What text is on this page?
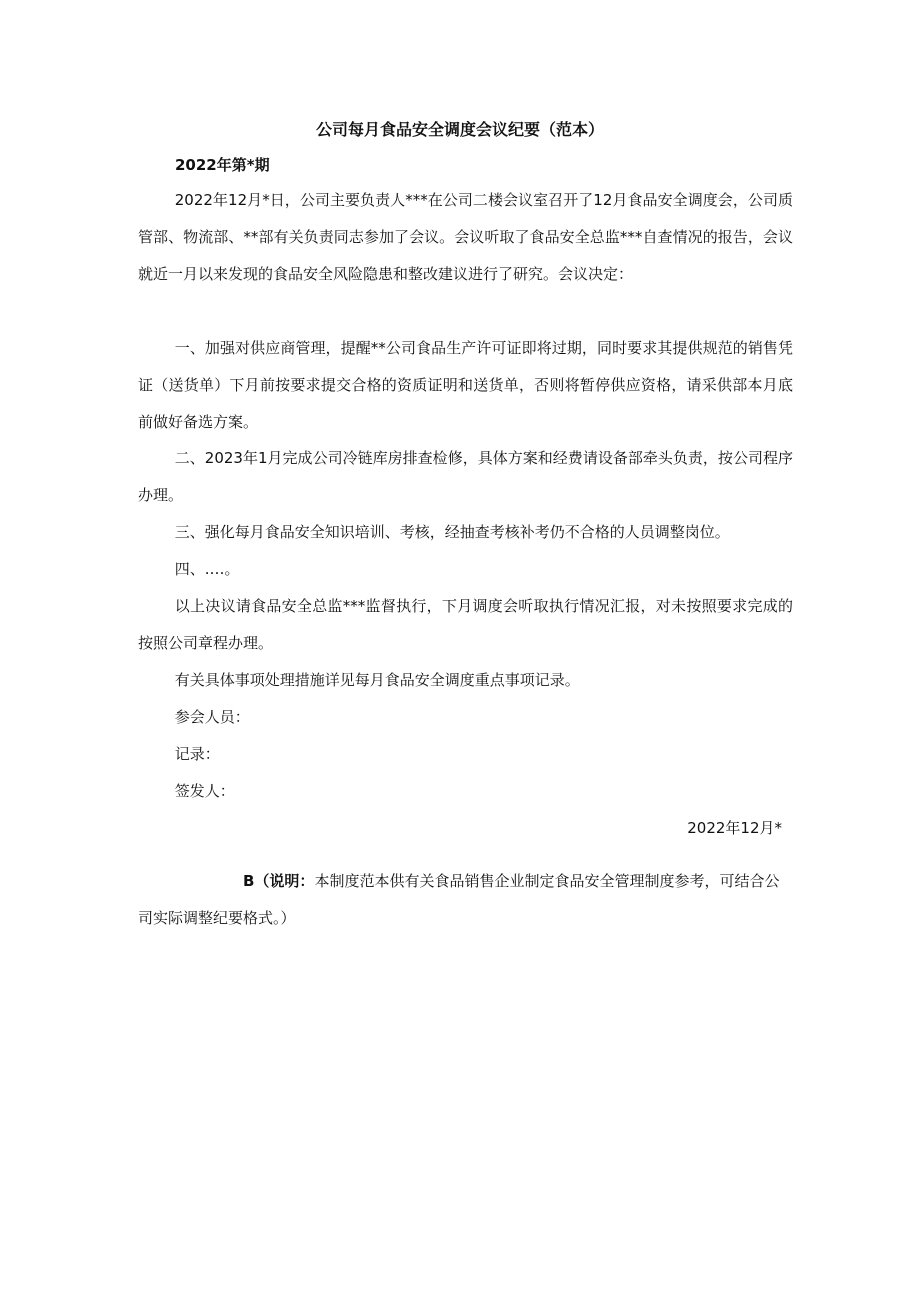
公司每月食品安全调度会议纪要（范本）
2022年第*期
2022年12月*日，公司主要负责人***在公司二楼会议室召开了12月食品安全调度会，公司质管部、物流部、**部有关负责同志参加了会议。会议听取了食品安全总监***自查情况的报告，会议就近一月以来发现的食品安全风险隐患和整改建议进行了研究。会议决定：
一、加强对供应商管理，提醒**公司食品生产许可证即将过期，同时要求其提供规范的销售凭证（送货单）下月前按要求提交合格的资质证明和送货单，否则将暂停供应资格，请采供部本月底前做好备选方案。
二、2023年1月完成公司冷链库房排查检修，具体方案和经费请设备部牵头负责，按公司程序办理。
三、强化每月食品安全知识培训、考核，经抽查考核补考仍不合格的人员调整岗位。
四、.…。
以上决议请食品安全总监***监督执行，下月调度会听取执行情况汇报，对未按照要求完成的按照公司章程办理。
有关具体事项处理措施详见每月食品安全调度重点事项记录。
参会人员：
记录：
签发人：
2022年12月*
B（说明：本制度范本供有关食品销售企业制定食品安全管理制度参考，可结合公司实际调整纪要格式。）
